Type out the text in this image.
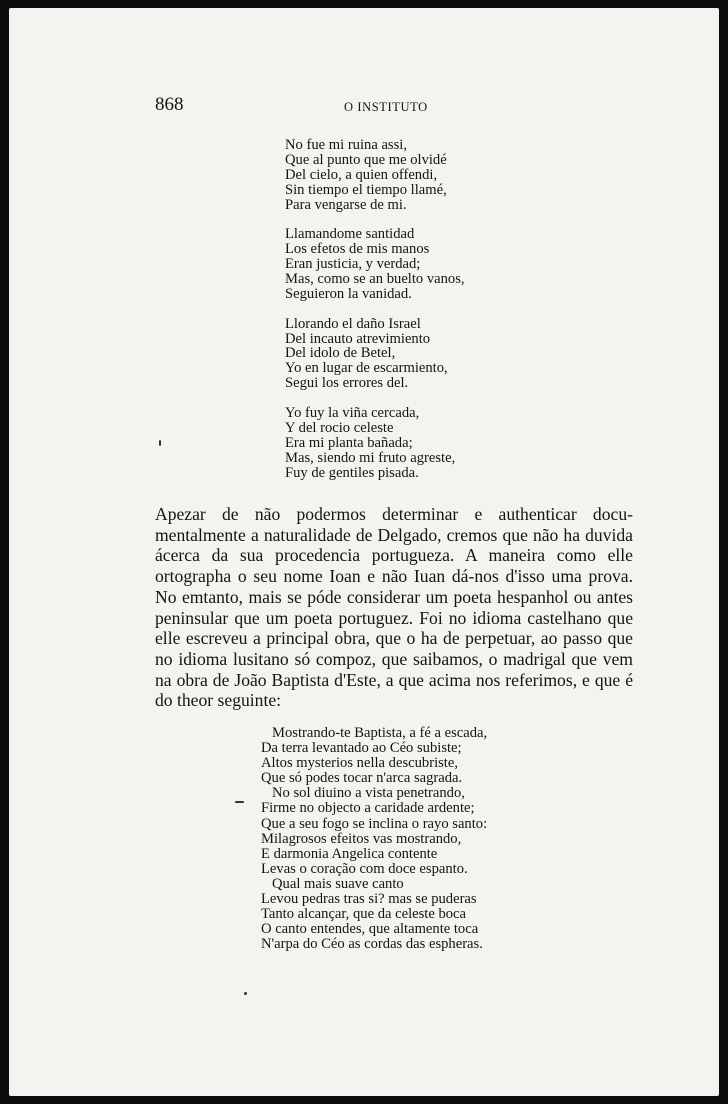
868	O INSTITUTO
No fue mi ruina assi,
Que al punto que me olvidé
Del cielo, a quien offendi,
Sin tiempo el tiempo llamé,
Para vengarse de mi.
Llamandome santidad
Los efetos de mis manos
Eran justicia, y verdad;
Mas, como se an buelto vanos,
Seguieron la vanidad.
Llorando el daño Israel
Del incauto atrevimiento
Del idolo de Betel,
Yo en lugar de escarmiento,
Segui los errores del.
Yo fuy la viña cercada,
Y del rocio celeste
Era mi planta bañada;
Mas, siendo mi fruto agreste,
Fuy de gentiles pisada.

Apezar de não podermos determinar e authenticar documentalmente a naturalidade de Delgado, cremos que não ha duvida ácerca da sua procedencia portugueza. A maneira como elle ortographa o seu nome Ioan e não Iuan dá-nos d'isso uma prova. No emtanto, mais se póde considerar um poeta hespanhol ou antes peninsular que um poeta portuguez. Foi no idioma castelhano que elle escreveu a principal obra, que o ha de perpetuar, ao passo que no idioma lusitano só compoz, que saibamos, o madrigal que vem na obra de João Baptista d'Este, a que acima nos referimos, e que é do theor seguinte:

Mostrando-te Baptista, a fé a escada,
Da terra levantado ao Céo subiste;
Altos mysterios nella descubriste,
Que só podes tocar n'arca sagrada.
No sol diuino a vista penetrando,
Firme no objecto a caridade ardente;
Que a seu fogo se inclina o rayo santo:
Milagrosos efeitos vas mostrando,
E darmonia Angelica contente
Levas o coração com doce espanto.
Qual mais suave canto
Levou pedras tras si? mas se puderas
Tanto alcançar, que da celeste boca
O canto entendes, que altamente toca
N'arpa do Céo as cordas das espheras.
